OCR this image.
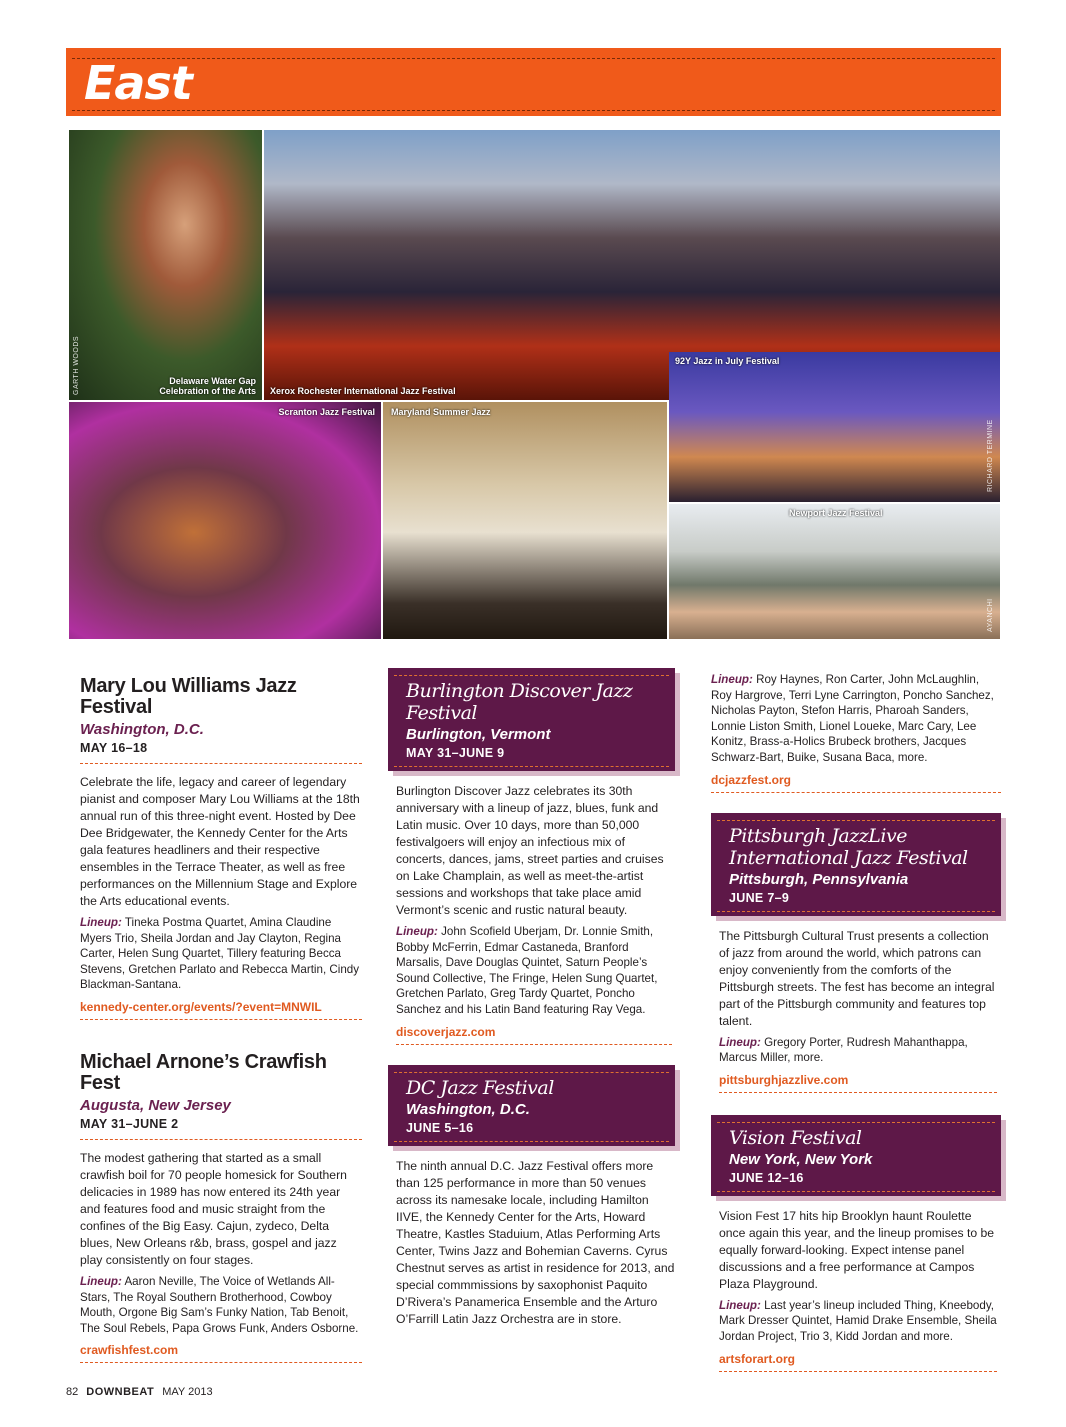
East
GARTH WOODS	Delaware Water Gap Celebration of the Arts Xerox Rochester International Jazz Festival
92Y Jazz in July Festival
RICHARD TERMINE
Scranton Jazz Festival Maryland Summer Jazz
Newport Jazz Festival
AYANCHI
Mary Lou Williams Jazz Festival
Washington, D.C.
MAY 16–18

Celebrate the life, legacy and career of legendary pianist and composer Mary Lou Williams at the 18th annual run of this three-night event. Hosted by Dee Dee Bridgewater, the Kennedy Center for the Arts gala features headliners and their respective ensembles in the Terrace Theater, as well as free performances on the Millennium Stage and Explore the Arts educational events.

Lineup: Tineka Postma Quartet, Amina Claudine Myers Trio, Sheila Jordan and Jay Clayton, Regina Carter, Helen Sung Quartet, Tillery featuring Becca Stevens, Gretchen Parlato and Rebecca Martin, Cindy Blackman-Santana.

kennedy-center.org/events/?event=MNWIL
Michael Arnone’s Crawfish Fest
Augusta, New Jersey
MAY 31–JUNE 2

The modest gathering that started as a small crawfish boil for 70 people homesick for Southern delicacies in 1989 has now entered its 24th year and features food and music straight from the confines of the Big Easy. Cajun, zydeco, Delta blues, New Orleans r&b, brass, gospel and jazz play consistently on four stages.

Lineup: Aaron Neville, The Voice of Wetlands All-Stars, The Royal Southern Brotherhood, Cowboy Mouth, Orgone Big Sam’s Funky Nation, Tab Benoit, The Soul Rebels, Papa Grows Funk, Anders Osborne.

crawfishfest.com
Burlington Discover Jazz Festival
Burlington, Vermont
MAY 31–JUNE 9

Burlington Discover Jazz celebrates its 30th anniversary with a lineup of jazz, blues, funk and Latin music. Over 10 days, more than 50,000 festivalgoers will enjoy an infectious mix of concerts, dances, jams, street parties and cruises on Lake Champlain, as well as meet-the-artist sessions and workshops that take place amid Vermont’s scenic and rustic natural beauty.

Lineup: John Scofield Uberjam, Dr. Lonnie Smith, Bobby McFerrin, Edmar Castaneda, Branford Marsalis, Dave Douglas Quintet, Saturn People’s Sound Collective, The Fringe, Helen Sung Quartet, Gretchen Parlato, Greg Tardy Quartet, Poncho Sanchez and his Latin Band featuring Ray Vega.

discoverjazz.com
DC Jazz Festival
Washington, D.C.
JUNE 5–16

The ninth annual D.C. Jazz Festival offers more than 125 performance in more than 50 venues across its namesake locale, including Hamilton IIVE, the Kennedy Center for the Arts, Howard Theatre, Kastles Staduium, Atlas Performing Arts Center, Twins Jazz and Bohemian Caverns. Cyrus Chestnut serves as artist in residence for 2013, and special commmissions by saxophonist Paquito D’Rivera’s Panamerica Ensemble and the Arturo O’Farrill Latin Jazz Orchestra are in store.

Lineup: Roy Haynes, Ron Carter, John McLaughlin, Roy Hargrove, Terri Lyne Carrington, Poncho Sanchez, Nicholas Payton, Stefon Harris, Pharoah Sanders, Lonnie Liston Smith, Lionel Loueke, Marc Cary, Lee Konitz, Brass-a-Holics Brubeck brothers, Jacques Schwarz-Bart, Buike, Susana Baca, more.

dcjazzfest.org
Pittsburgh JazzLive International Jazz Festival
Pittsburgh, Pennsylvania
JUNE 7–9

The Pittsburgh Cultural Trust presents a collection of jazz from around the world, which patrons can enjoy conveniently from the comforts of the Pittsburgh streets. The fest has become an integral part of the Pittsburgh community and features top talent.

Lineup: Gregory Porter, Rudresh Mahanthappa, Marcus Miller, more.

pittsburghjazzlive.com
Vision Festival
New York, New York
JUNE 12–16

Vision Fest 17 hits hip Brooklyn haunt Roulette once again this year, and the lineup promises to be equally forward-looking. Expect intense panel discussions and a free performance at Campos Plaza Playground.

Lineup: Last year’s lineup included Thing, Kneebody, Mark Dresser Quintet, Hamid Drake Ensemble, Sheila Jordan Project, Trio 3, Kidd Jordan and more.

artsforart.org
82 DOWNBEAT MAY 2013
